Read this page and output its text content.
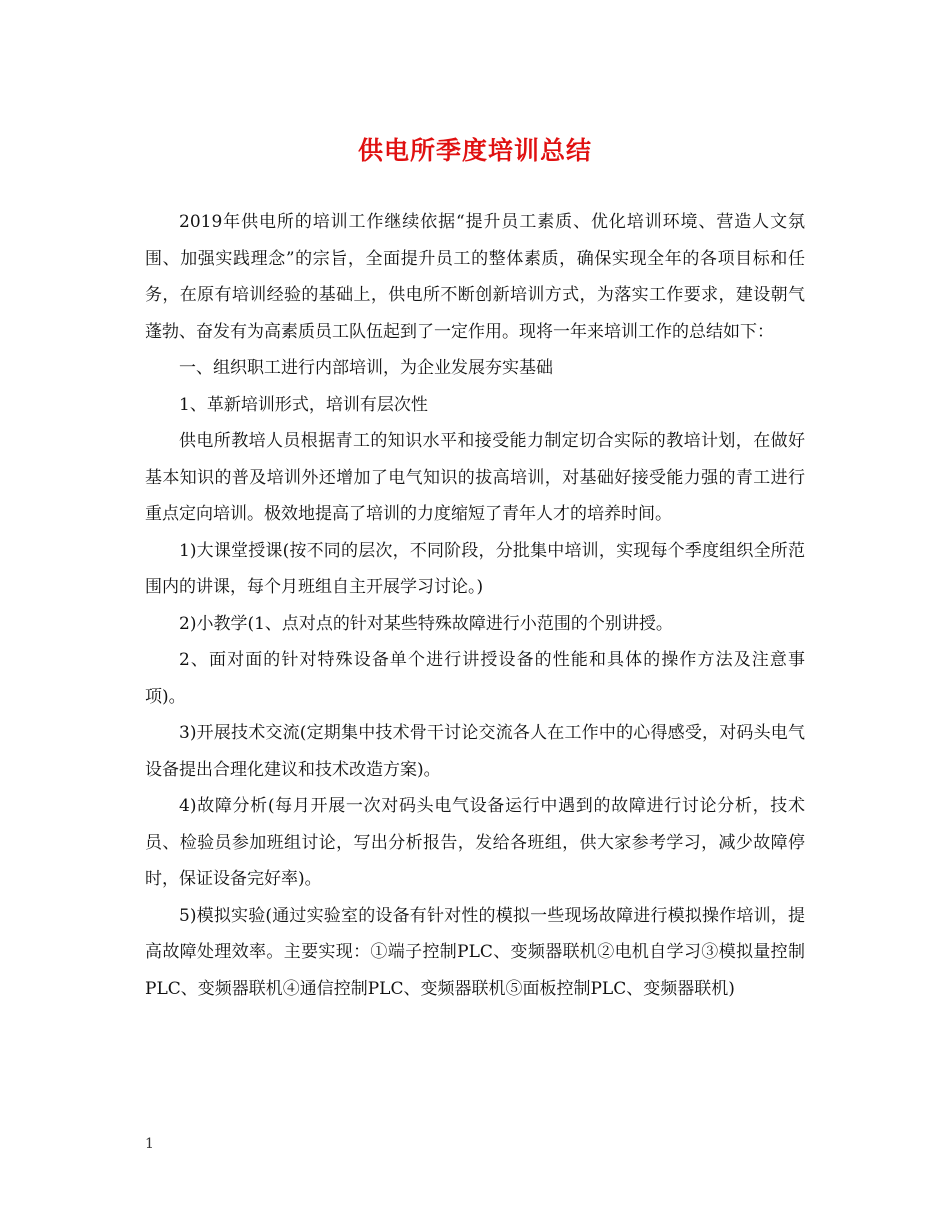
供电所季度培训总结

2019年供电所的培训工作继续依据“提升员工素质、优化培训环境、营造人文氛围、加强实践理念”的宗旨，全面提升员工的整体素质，确保实现全年的各项目标和任务，在原有培训经验的基础上，供电所不断创新培训方式，为落实工作要求，建设朝气蓬勃、奋发有为高素质员工队伍起到了一定作用。现将一年来培训工作的总结如下：

一、组织职工进行内部培训，为企业发展夯实基础

1、革新培训形式，培训有层次性

供电所教培人员根据青工的知识水平和接受能力制定切合实际的教培计划，在做好基本知识的普及培训外还增加了电气知识的拔高培训，对基础好接受能力强的青工进行重点定向培训。极效地提高了培训的力度缩短了青年人才的培养时间。

1)大课堂授课(按不同的层次，不同阶段，分批集中培训，实现每个季度组织全所范围内的讲课，每个月班组自主开展学习讨论。)

2)小教学(1、点对点的针对某些特殊故障进行小范围的个别讲授。

2、面对面的针对特殊设备单个进行讲授设备的性能和具体的操作方法及注意事项)。

3)开展技术交流(定期集中技术骨干讨论交流各人在工作中的心得感受，对码头电气设备提出合理化建议和技术改造方案)。

4)故障分析(每月开展一次对码头电气设备运行中遇到的故障进行讨论分析，技术员、检验员参加班组讨论，写出分析报告，发给各班组，供大家参考学习，减少故障停时，保证设备完好率)。

5)模拟实验(通过实验室的设备有针对性的模拟一些现场故障进行模拟操作培训，提高故障处理效率。主要实现：①端子控制PLC、变频器联机②电机自学习③模拟量控制PLC、变频器联机④通信控制PLC、变频器联机⑤面板控制PLC、变频器联机)

1
